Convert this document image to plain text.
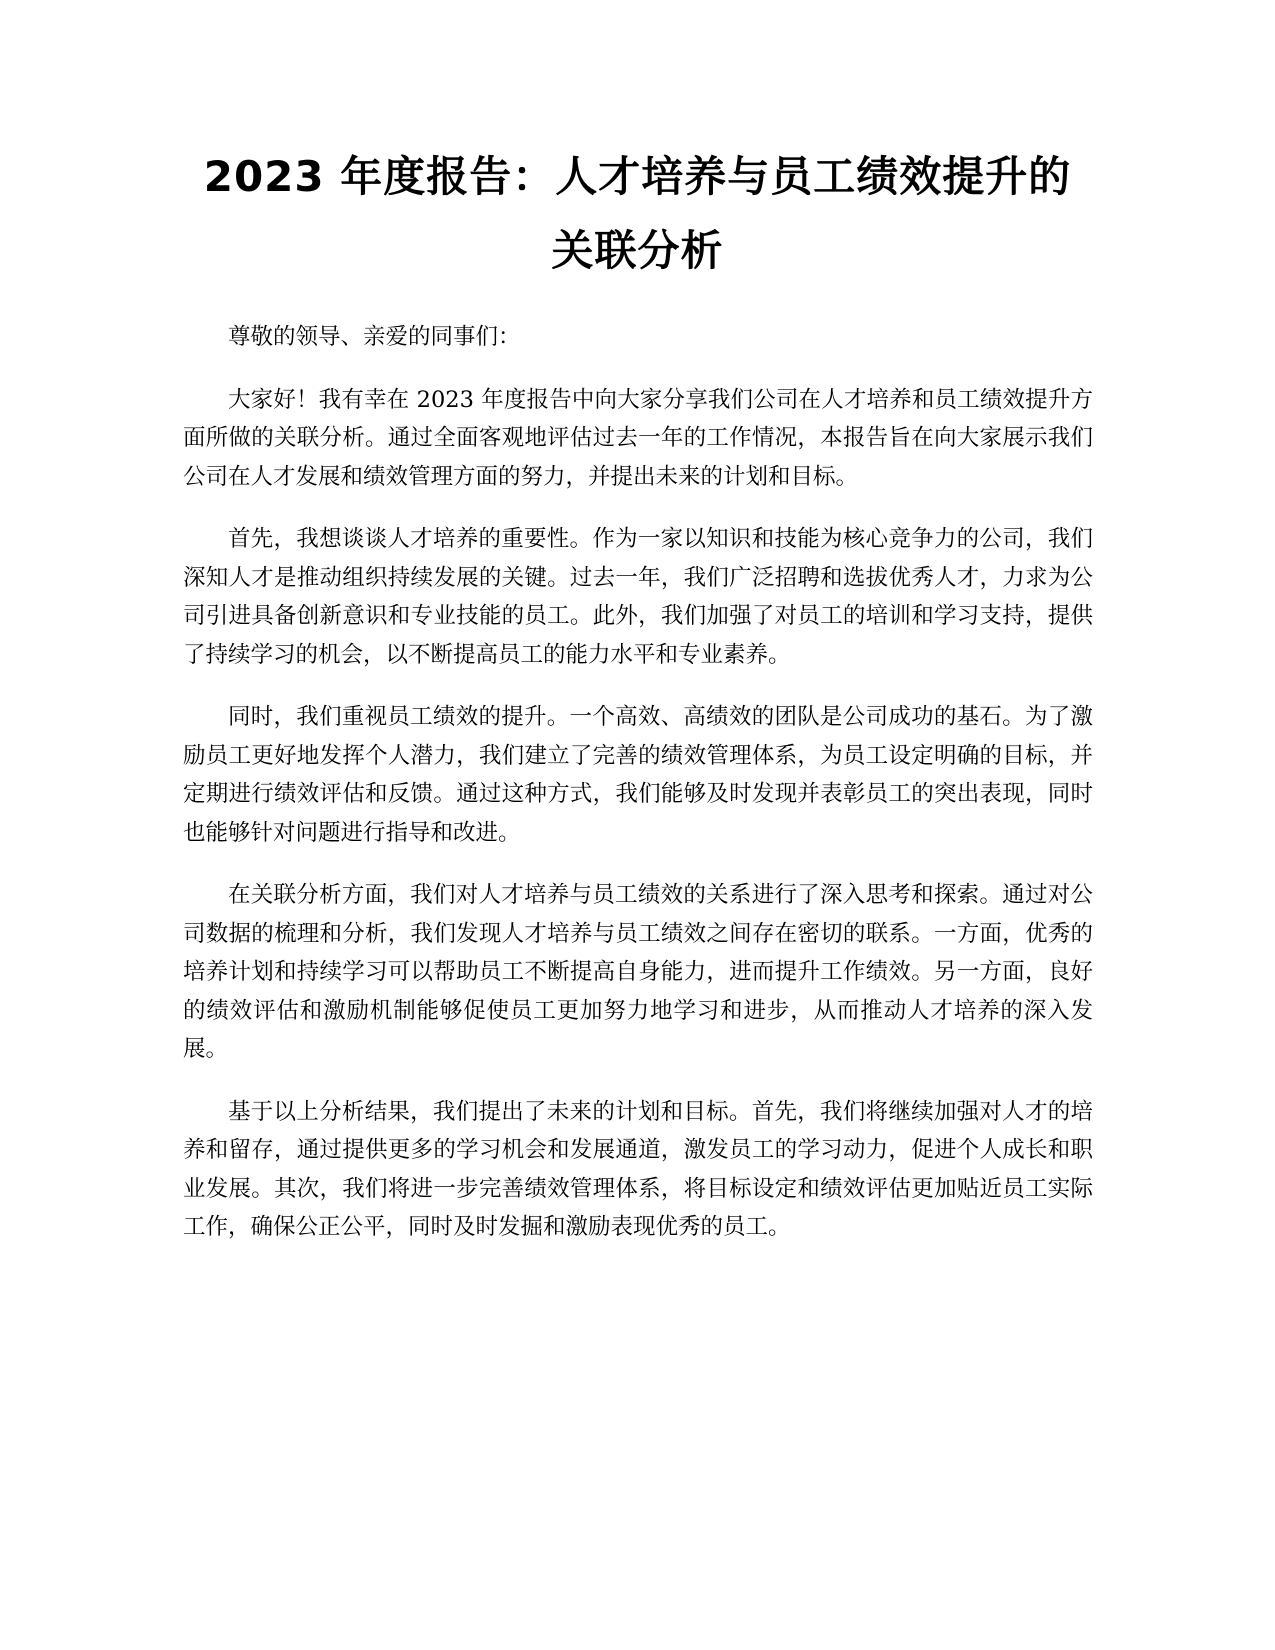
2023 年度报告：人才培养与员工绩效提升的

关联分析

尊敬的领导、亲爱的同事们：

大家好！我有幸在 2023 年度报告中向大家分享我们公司在人才培养和员工绩效提升方面所做的关联分析。通过全面客观地评估过去一年的工作情况，本报告旨在向大家展示我们公司在人才发展和绩效管理方面的努力，并提出未来的计划和目标。

首先，我想谈谈人才培养的重要性。作为一家以知识和技能为核心竞争力的公司，我们深知人才是推动组织持续发展的关键。过去一年，我们广泛招聘和选拔优秀人才，力求为公司引进具备创新意识和专业技能的员工。此外，我们加强了对员工的培训和学习支持，提供了持续学习的机会，以不断提高员工的能力水平和专业素养。

同时，我们重视员工绩效的提升。一个高效、高绩效的团队是公司成功的基石。为了激励员工更好地发挥个人潜力，我们建立了完善的绩效管理体系，为员工设定明确的目标，并定期进行绩效评估和反馈。通过这种方式，我们能够及时发现并表彰员工的突出表现，同时也能够针对问题进行指导和改进。

在关联分析方面，我们对人才培养与员工绩效的关系进行了深入思考和探索。通过对公司数据的梳理和分析，我们发现人才培养与员工绩效之间存在密切的联系。一方面，优秀的培养计划和持续学习可以帮助员工不断提高自身能力，进而提升工作绩效。另一方面，良好的绩效评估和激励机制能够促使员工更加努力地学习和进步，从而推动人才培养的深入发展。

基于以上分析结果，我们提出了未来的计划和目标。首先，我们将继续加强对人才的培养和留存，通过提供更多的学习机会和发展通道，激发员工的学习动力，促进个人成长和职业发展。其次，我们将进一步完善绩效管理体系，将目标设定和绩效评估更加贴近员工实际工作，确保公正公平，同时及时发掘和激励表现优秀的员工。
